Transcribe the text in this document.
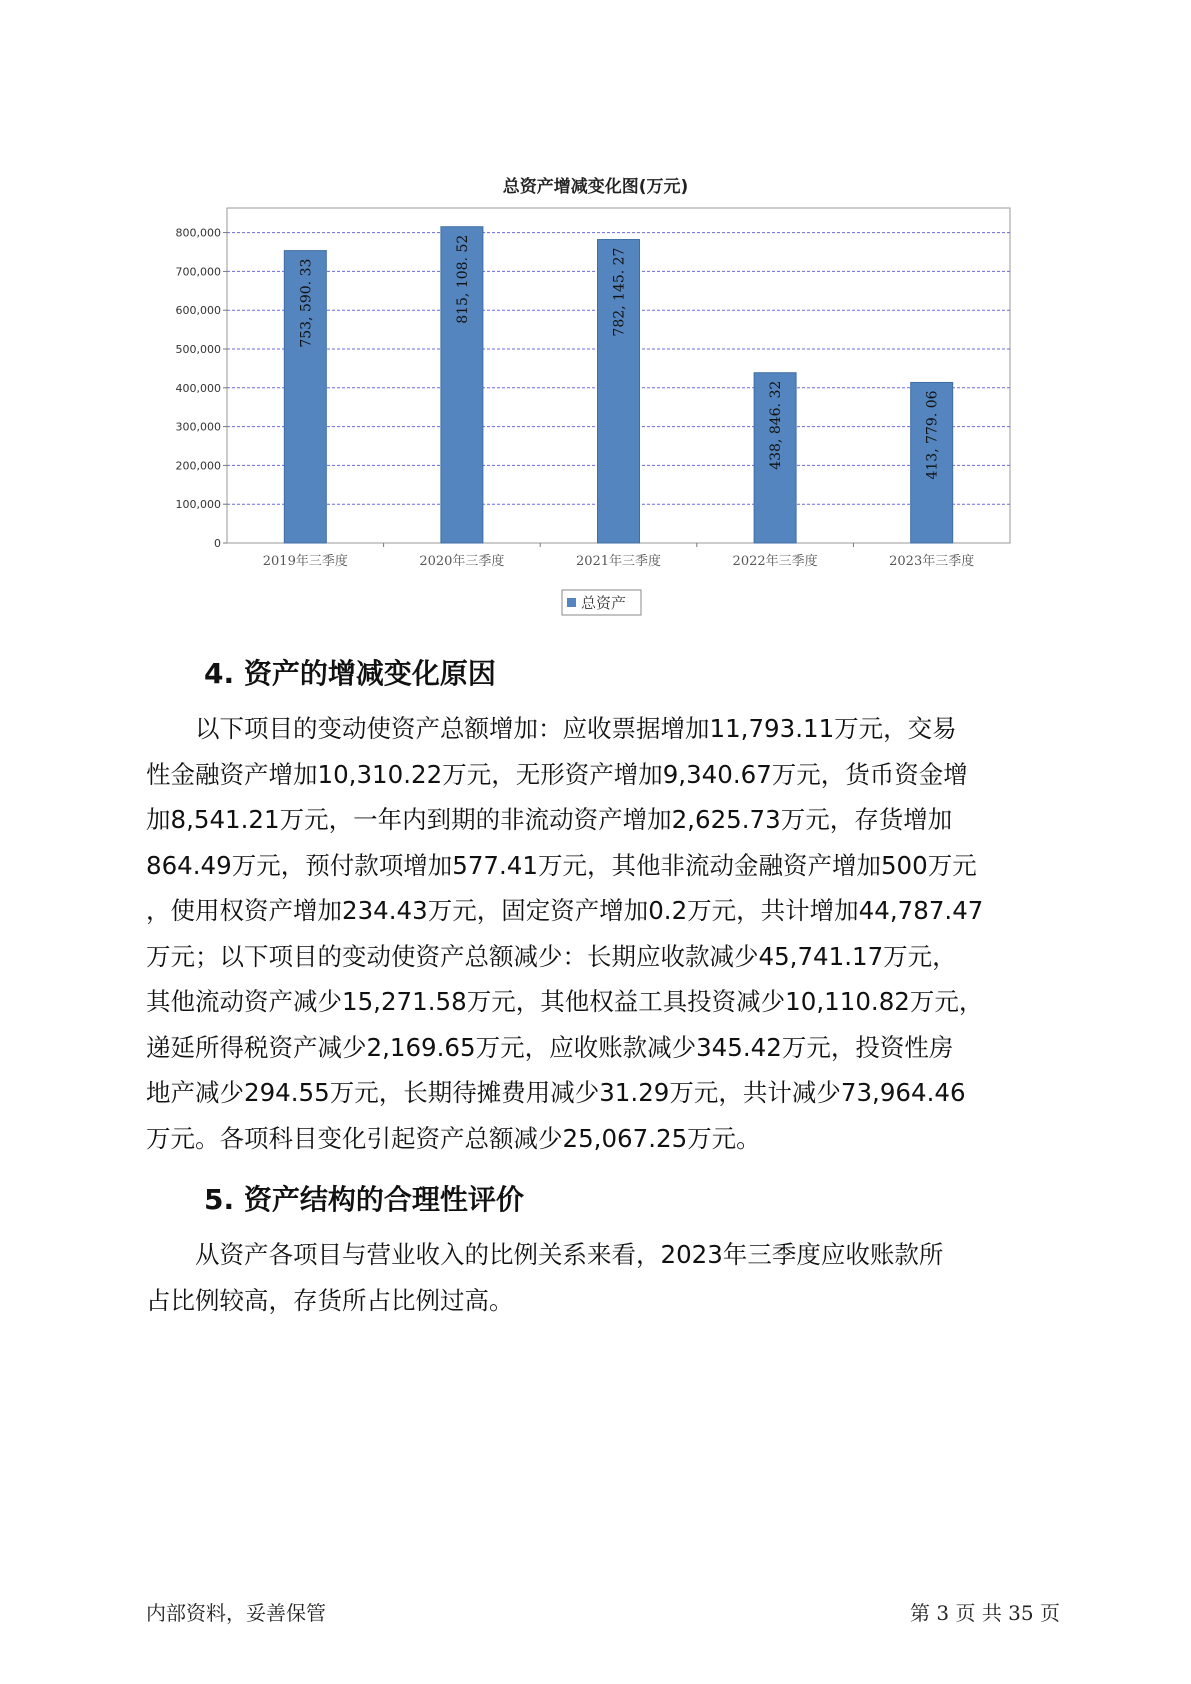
总资产增减变化图(万元)
0
100,000
200,000
300,000
400,000
500,000
600,000
700,000
800,000
2019年三季度	2020年三季度	2021年三季度	2022年三季度	2023年三季度
753, 590. 33	815, 108. 52	782, 145. 27
438, 846. 32	413, 779. 06
总资产
4. 资产的增减变化原因
以下项目的变动使资产总额增加：应收票据增加11,793.11万元，交易
性金融资产增加10,310.22万元，无形资产增加9,340.67万元，货币资金增
加8,541.21万元，一年内到期的非流动资产增加2,625.73万元，存货增加
864.49万元，预付款项增加577.41万元，其他非流动金融资产增加500万元
，使用权资产增加234.43万元，固定资产增加0.2万元，共计增加44,787.47
万元；以下项目的变动使资产总额减少：长期应收款减少45,741.17万元，
其他流动资产减少15,271.58万元，其他权益工具投资减少10,110.82万元，
递延所得税资产减少2,169.65万元，应收账款减少345.42万元，投资性房
地产减少294.55万元，长期待摊费用减少31.29万元，共计减少73,964.46
万元。各项科目变化引起资产总额减少25,067.25万元。
5. 资产结构的合理性评价
从资产各项目与营业收入的比例关系来看，2023年三季度应收账款所
占比例较高，存货所占比例过高。
内部资料，妥善保管	第 3 页 共 35 页
